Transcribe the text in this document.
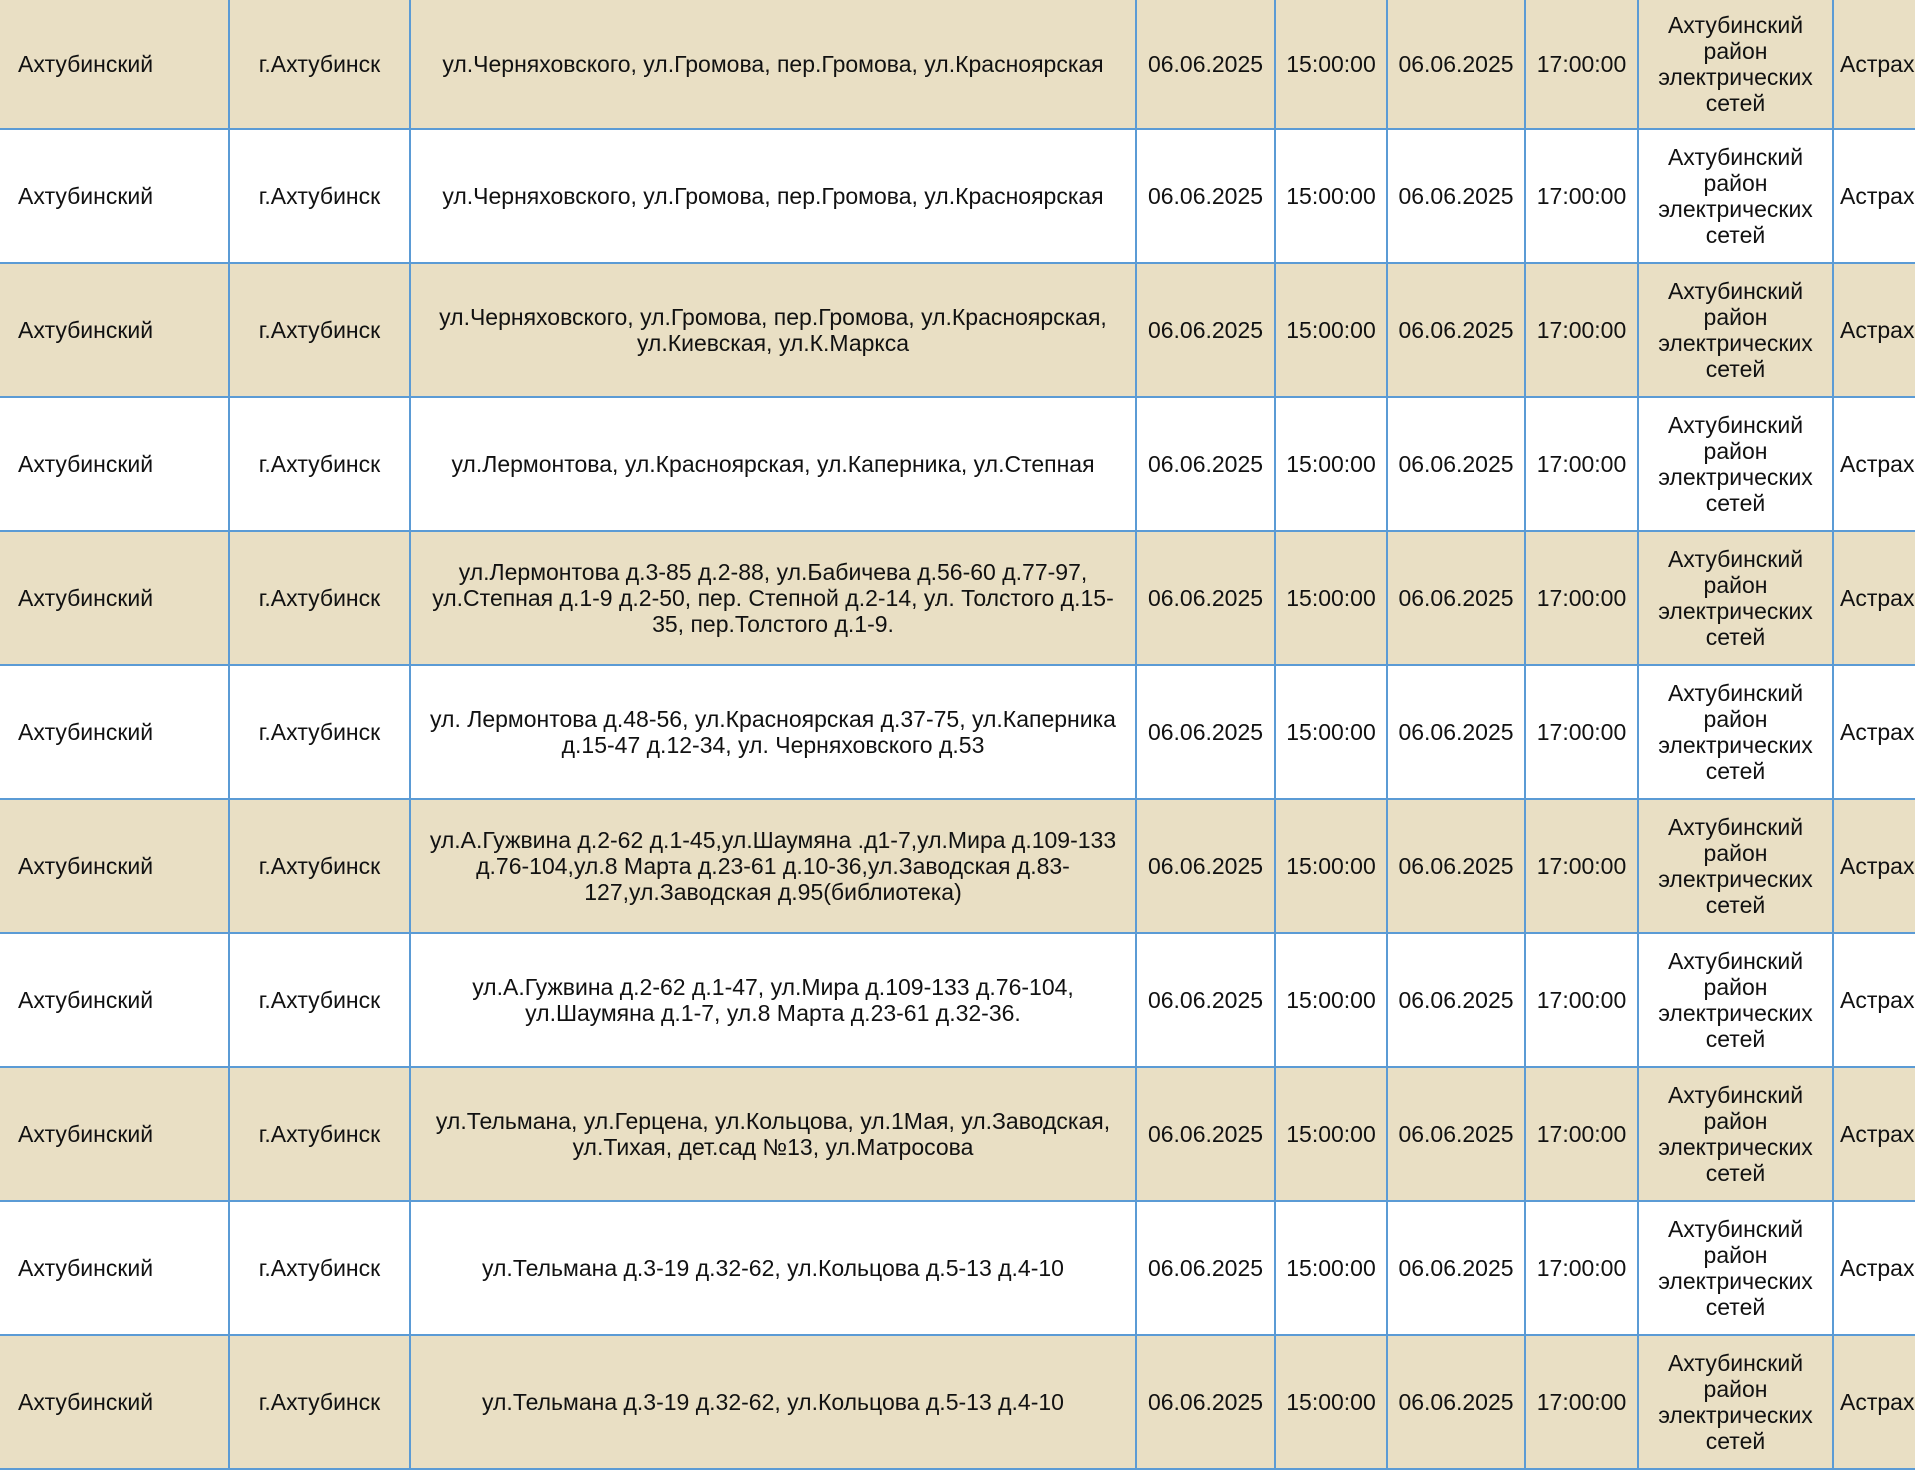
Ахтубинский	г.Ахтубинск	ул.Черняховского, ул.Громова, пер.Громова, ул.Красноярская	06.06.2025	15:00:00	06.06.2025	17:00:00	Ахтубинский район электрических сетей	Астрах
Ахтубинский	г.Ахтубинск	ул.Черняховского, ул.Громова, пер.Громова, ул.Красноярская	06.06.2025	15:00:00	06.06.2025	17:00:00	Ахтубинский район электрических сетей	Астрах
Ахтубинский	г.Ахтубинск	ул.Черняховского, ул.Громова, пер.Громова, ул.Красноярская, ул.Киевская, ул.К.Маркса	06.06.2025	15:00:00	06.06.2025	17:00:00	Ахтубинский район электрических сетей	Астрах
Ахтубинский	г.Ахтубинск	ул.Лермонтова, ул.Красноярская, ул.Каперника, ул.Степная	06.06.2025	15:00:00	06.06.2025	17:00:00	Ахтубинский район электрических сетей	Астрах
Ахтубинский	г.Ахтубинск	ул.Лермонтова д.3-85 д.2-88, ул.Бабичева д.56-60 д.77-97, ул.Степная д.1-9 д.2-50, пер. Степной д.2-14, ул. Толстого д.15-35, пер.Толстого д.1-9.	06.06.2025	15:00:00	06.06.2025	17:00:00	Ахтубинский район электрических сетей	Астрах
Ахтубинский	г.Ахтубинск	ул. Лермонтова д.48-56, ул.Красноярская д.37-75, ул.Каперника д.15-47 д.12-34, ул. Черняховского д.53	06.06.2025	15:00:00	06.06.2025	17:00:00	Ахтубинский район электрических сетей	Астрах
Ахтубинский	г.Ахтубинск	ул.А.Гужвина д.2-62 д.1-45,ул.Шаумяна .д1-7,ул.Мира д.109-133 д.76-104,ул.8 Марта д.23-61 д.10-36,ул.Заводская д.83-127,ул.Заводская д.95(библиотека)	06.06.2025	15:00:00	06.06.2025	17:00:00	Ахтубинский район электрических сетей	Астрах
Ахтубинский	г.Ахтубинск	ул.А.Гужвина д.2-62 д.1-47, ул.Мира д.109-133 д.76-104, ул.Шаумяна д.1-7, ул.8 Марта д.23-61 д.32-36.	06.06.2025	15:00:00	06.06.2025	17:00:00	Ахтубинский район электрических сетей	Астрах
Ахтубинский	г.Ахтубинск	ул.Тельмана, ул.Герцена, ул.Кольцова, ул.1Мая, ул.Заводская, ул.Тихая, дет.сад №13, ул.Матросова	06.06.2025	15:00:00	06.06.2025	17:00:00	Ахтубинский район электрических сетей	Астрах
Ахтубинский	г.Ахтубинск	ул.Тельмана д.3-19 д.32-62, ул.Кольцова д.5-13 д.4-10	06.06.2025	15:00:00	06.06.2025	17:00:00	Ахтубинский район электрических сетей	Астрах
Ахтубинский	г.Ахтубинск	ул.Тельмана д.3-19 д.32-62, ул.Кольцова д.5-13 д.4-10	06.06.2025	15:00:00	06.06.2025	17:00:00	Ахтубинский район электрических сетей	Астрах
